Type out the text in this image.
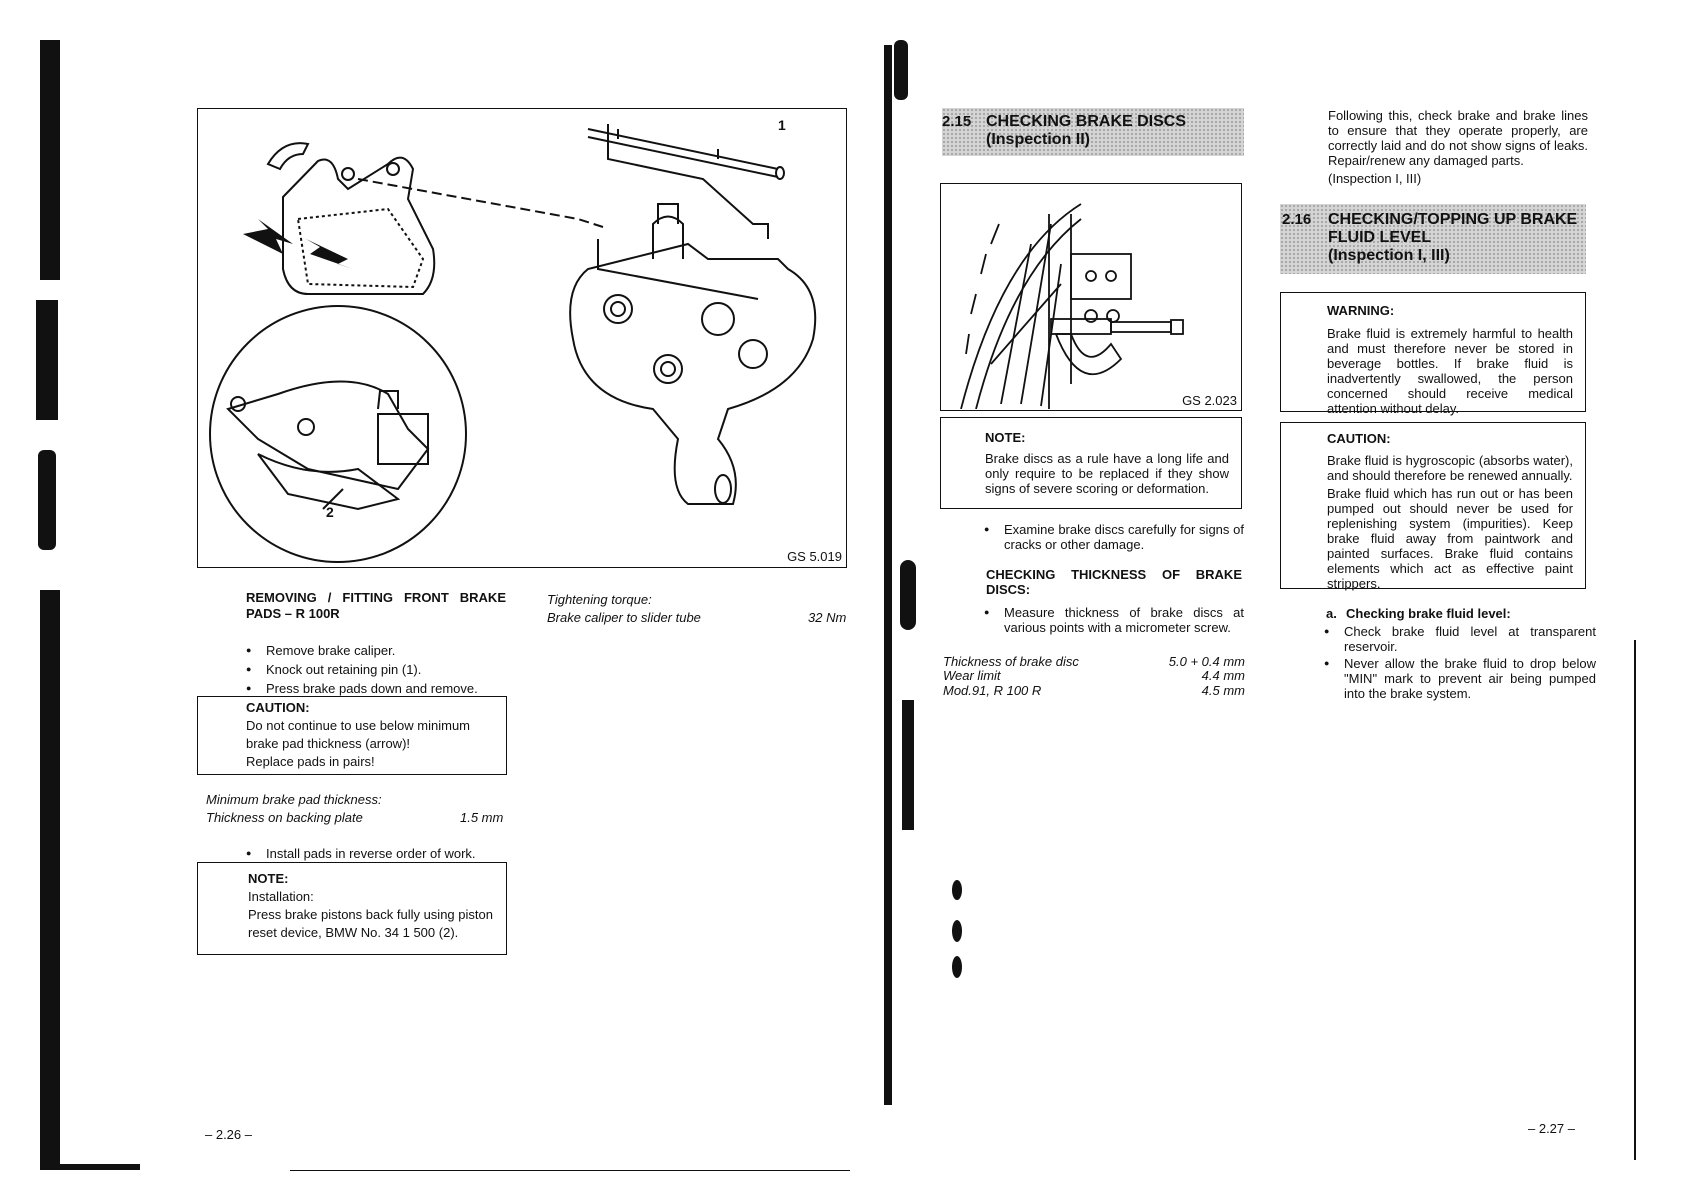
1
2
GS 5.019
REMOVING / FITTING FRONT BRAKE PADS – R 100R
● Remove brake caliper.
● Knock out retaining pin (1).
● Press brake pads down and remove.
CAUTION:
Do not continue to use below minimum
brake pad thickness (arrow)!
Replace pads in pairs!
Minimum brake pad thickness:
Thickness on backing plate	1.5 mm
● Install pads in reverse order of work.
NOTE:
Installation:
Press brake pistons back fully using piston
reset device, BMW No. 34 1 500 (2).
Tightening torque:
Brake caliper to slider tube	32 Nm
– 2.26 –
2.15 CHECKING BRAKE DISCS
(Inspection II)
GS 2.023
NOTE:
Brake discs as a rule have a long life and only require to be replaced if they show signs of severe scoring or deformation.
● Examine brake discs carefully for signs of cracks or other damage.
CHECKING THICKNESS OF BRAKE DISCS:
● Measure thickness of brake discs at various points with a micrometer screw.
Thickness of brake disc	5.0 + 0.4 mm
Wear limit	4.4 mm
Mod.91, R 100 R	4.5 mm
Following this, check brake and brake lines to ensure that they operate properly, are correctly laid and do not show signs of leaks. Repair/renew any damaged parts.
(Inspection I, III)
2.16 CHECKING/TOPPING UP BRAKE
FLUID LEVEL
(Inspection I, III)
WARNING:
Brake fluid is extremely harmful to health and must therefore never be stored in beverage bottles. If brake fluid is inadvertently swallowed, the person concerned should receive medical attention without delay.
CAUTION:
Brake fluid is hygroscopic (absorbs water), and should therefore be renewed annually.
Brake fluid which has run out or has been pumped out should never be used for replenishing system (impurities). Keep brake fluid away from paintwork and painted surfaces. Brake fluid contains elements which act as effective paint strippers.
a. Checking brake fluid level:
● Check brake fluid level at transparent reservoir.
● Never allow the brake fluid to drop below "MIN" mark to prevent air being pumped into the brake system.
– 2.27 –
